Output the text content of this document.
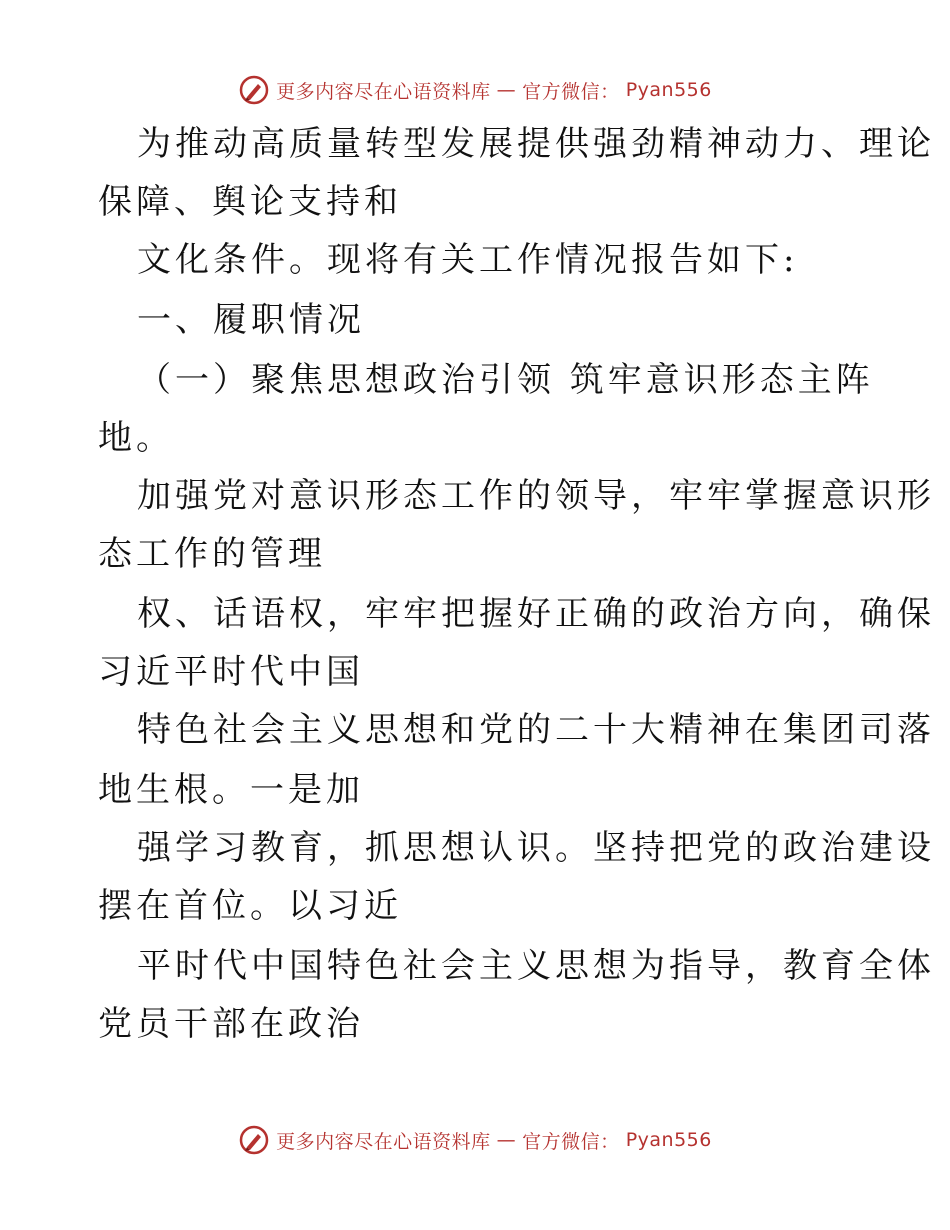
更多内容尽在心语资料库 — 官方微信： Pyan556
为推动高质量转型发展提供强劲精神动力、理论
保障、舆论支持和
文化条件。现将有关工作情况报告如下:
一、履职情况
（一）聚焦思想政治引领 筑牢意识形态主阵
地。
加强党对意识形态工作的领导，牢牢掌握意识形
态工作的管理
权、话语权，牢牢把握好正确的政治方向，确保
习近平时代中国
特色社会主义思想和党的二十大精神在集团司落
地生根。一是加
强学习教育，抓思想认识。坚持把党的政治建设
摆在首位。以习近
平时代中国特色社会主义思想为指导，教育全体
党员干部在政治
更多内容尽在心语资料库 — 官方微信： Pyan556
